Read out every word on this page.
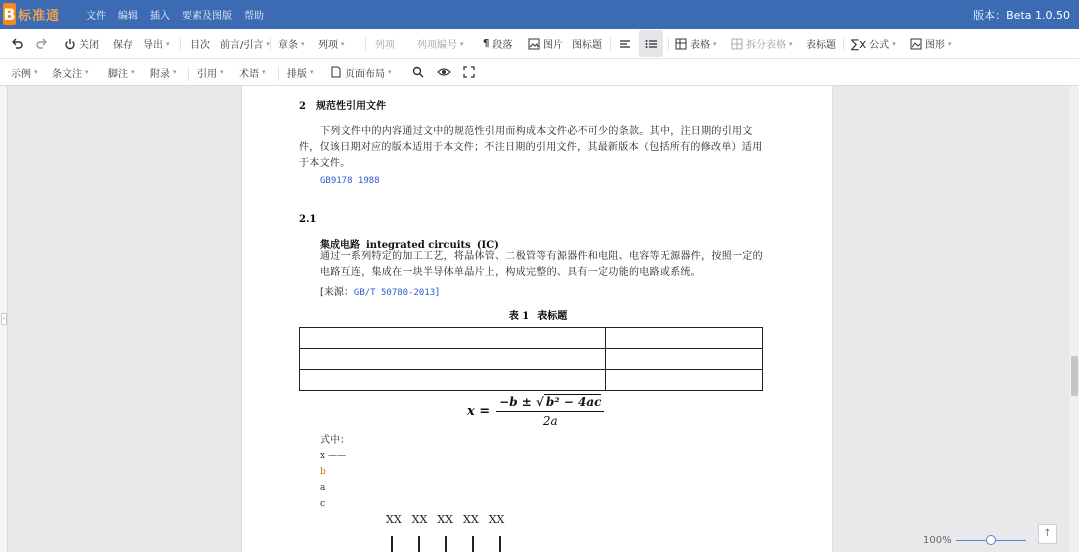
B 标准通	文件 编辑 插入 要素及图版 帮助	版本：Beta 1.0.50
关闭 保存 导出 ▾ 目次 前言/引言 ▾ 章条 ▾ 列项 ▾	列项 列项编号 ▾ ¶ 段落	图片 图标题	表格 ▾	拆分表格 ▾ 表标题 ∑x 公式 ▾	图形 ▾
示例 ▾ 条文注 ▾ 脚注 ▾ 附录 ▾ 引用 ▾ 术语 ▾ 排版 ▾	页面布局 ▾
›
2 规范性引用文件
下列文件中的内容通过文中的规范性引用而构成本文件必不可少的条款。其中，注日期的引用文件，仅该日期对应的版本适用于本文件；不注日期的引用文件，其最新版本（包括所有的修改单）适用于本文件。
GB9178 1988
2.1
集成电路 integrated circuits (IC)
通过一系列特定的加工工艺，将晶体管、二极管等有源器件和电阻、电容等无源器件，按照一定的电路互连，集成在一块半导体单晶片上，构成完整的、具有一定功能的电路或系统。
[来源：GB/T 50780-2013]
表 1 表标题

$x = \frac{\text{−b ± √ b² − 4ac}}{2a}$
式中：
x ——
b
a
c
XX XX XX XX XX
100%
↑
